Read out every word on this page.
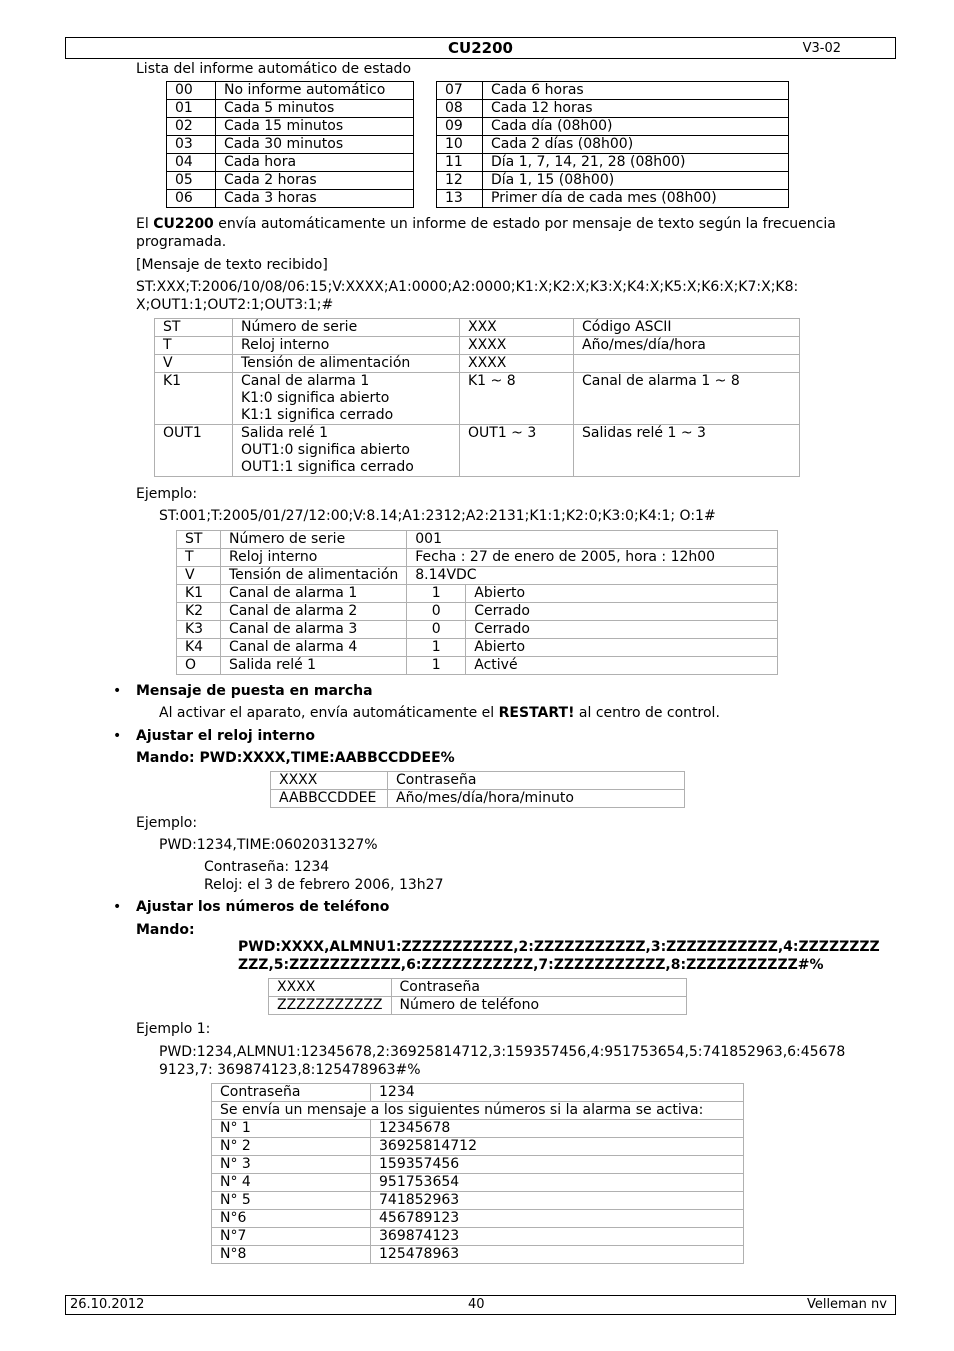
CU2200	V3-02
Lista del informe automático de estado
00	No informe automático
01	Cada 5 minutos
02	Cada 15 minutos
03	Cada 30 minutos
04	Cada hora
05	Cada 2 horas
06	Cada 3 horas
07	Cada 6 horas
08	Cada 12 horas
09	Cada día (08h00)
10	Cada 2 días (08h00)
11	Día 1, 7, 14, 21, 28 (08h00)
12	Día 1, 15 (08h00)
13	Primer día de cada mes (08h00)
El CU2200 envía automáticamente un informe de estado por mensaje de texto según la frecuencia
programada.
[Mensaje de texto recibido]
ST:XXX;T:2006/10/08/06:15;V:XXXX;A1:0000;A2:0000;K1:X;K2:X;K3:X;K4:X;K5:X;K6:X;K7:X;K8:
X;OUT1:1;OUT2:1;OUT3:1;#
ST	Número de serie	XXX	Código ASCII
T	Reloj interno	XXXX	Año/mes/día/hora
V	Tensión de alimentación	XXXX	
K1	Canal de alarma 1
K1:0 significa abierto
K1:1 significa cerrado	K1 ~ 8	Canal de alarma 1 ~ 8
OUT1	Salida relé 1
OUT1:0 significa abierto
OUT1:1 significa cerrado	OUT1 ~ 3	Salidas relé 1 ~ 3
Ejemplo:
ST:001;T:2005/01/27/12:00;V:8.14;A1:2312;A2:2131;K1:1;K2:0;K3:0;K4:1; O:1#
ST	Número de serie	001	
T	Reloj interno	Fecha : 27 de enero de 2005, hora : 12h00	
V	Tensión de alimentación	8.14VDC	
K1	Canal de alarma 1	1	Abierto
K2	Canal de alarma 2	0	Cerrado
K3	Canal de alarma 3	0	Cerrado
K4	Canal de alarma 4	1	Abierto
O	Salida relé 1	1	Activé
• Mensaje de puesta en marcha
Al activar el aparato, envía automáticamente el RESTART! al centro de control.
• Ajustar el reloj interno
Mando: PWD:XXXX,TIME:AABBCCDDEE%
XXXX	Contraseña
AABBCCDDEE	Año/mes/día/hora/minuto
Ejemplo:
PWD:1234,TIME:0602031327%
Contraseña: 1234
Reloj: el 3 de febrero 2006, 13h27
• Ajustar los números de teléfono
Mando:
PWD:XXXX,ALMNU1:ZZZZZZZZZZZ,2:ZZZZZZZZZZZ,3:ZZZZZZZZZZZ,4:ZZZZZZZZ
ZZZ,5:ZZZZZZZZZZZ,6:ZZZZZZZZZZZ,7:ZZZZZZZZZZZ,8:ZZZZZZZZZZZ#%
XXXX	Contraseña
ZZZZZZZZZZZ	Número de teléfono
Ejemplo 1:
PWD:1234,ALMNU1:12345678,2:36925814712,3:159357456,4:951753654,5:741852963,6:45678
9123,7: 369874123,8:125478963#%
Contraseña	1234
Se envía un mensaje a los siguientes números si la alarma se activa:	
N° 1	12345678
N° 2	36925814712
N° 3	159357456
N° 4	951753654
N° 5	741852963
N°6	456789123
N°7	369874123
N°8	125478963
26.10.2012	40	Velleman nv
